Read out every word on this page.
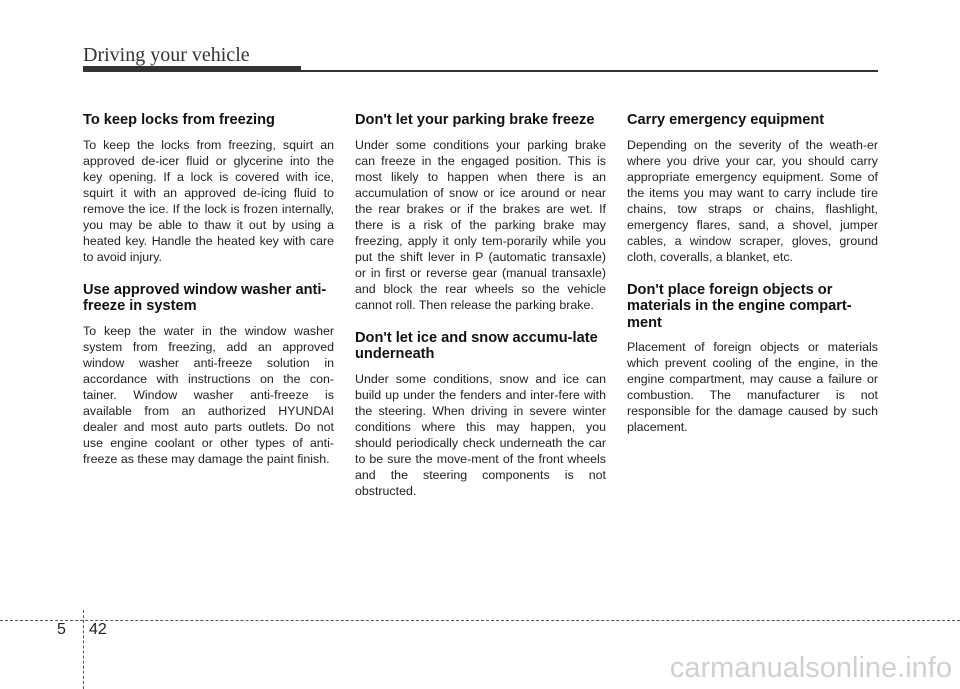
Driving your vehicle
To keep locks from freezing

To keep the locks from freezing, squirt an approved de-icer fluid or glycerine into the key opening. If a lock is covered with ice, squirt it with an approved de-icing fluid to remove the ice. If the lock is frozen internally, you may be able to thaw it out by using a heated key. Handle the heated key with care to avoid injury.

Use approved window washer anti-freeze in system

To keep the water in the window washer system from freezing, add an approved window washer anti-freeze solution in accordance with instructions on the con-tainer. Window washer anti-freeze is available from an authorized HYUNDAI dealer and most auto parts outlets. Do not use engine coolant or other types of anti-freeze as these may damage the paint finish.

Don't let your parking brake freeze

Under some conditions your parking brake can freeze in the engaged position. This is most likely to happen when there is an accumulation of snow or ice around or near the rear brakes or if the brakes are wet. If there is a risk of the parking brake may freezing, apply it only tem-porarily while you put the shift lever in P (automatic transaxle) or in first or reverse gear (manual transaxle) and block the rear wheels so the vehicle cannot roll. Then release the parking brake.

Don't let ice and snow accumu-late underneath

Under some conditions, snow and ice can build up under the fenders and inter-fere with the steering. When driving in severe winter conditions where this may happen, you should periodically check underneath the car to be sure the move-ment of the front wheels and the steering components is not obstructed.

Carry emergency equipment

Depending on the severity of the weath-er where you drive your car, you should carry appropriate emergency equipment. Some of the items you may want to carry include tire chains, tow straps or chains, flashlight, emergency flares, sand, a shovel, jumper cables, a window scraper, gloves, ground cloth, coveralls, a blanket, etc.

Don't place foreign objects or materials in the engine compart-ment

Placement of foreign objects or materials which prevent cooling of the engine, in the engine compartment, may cause a failure or combustion. The manufacturer is not responsible for the damage caused by such placement.

5 42
carmanualsonline.info
